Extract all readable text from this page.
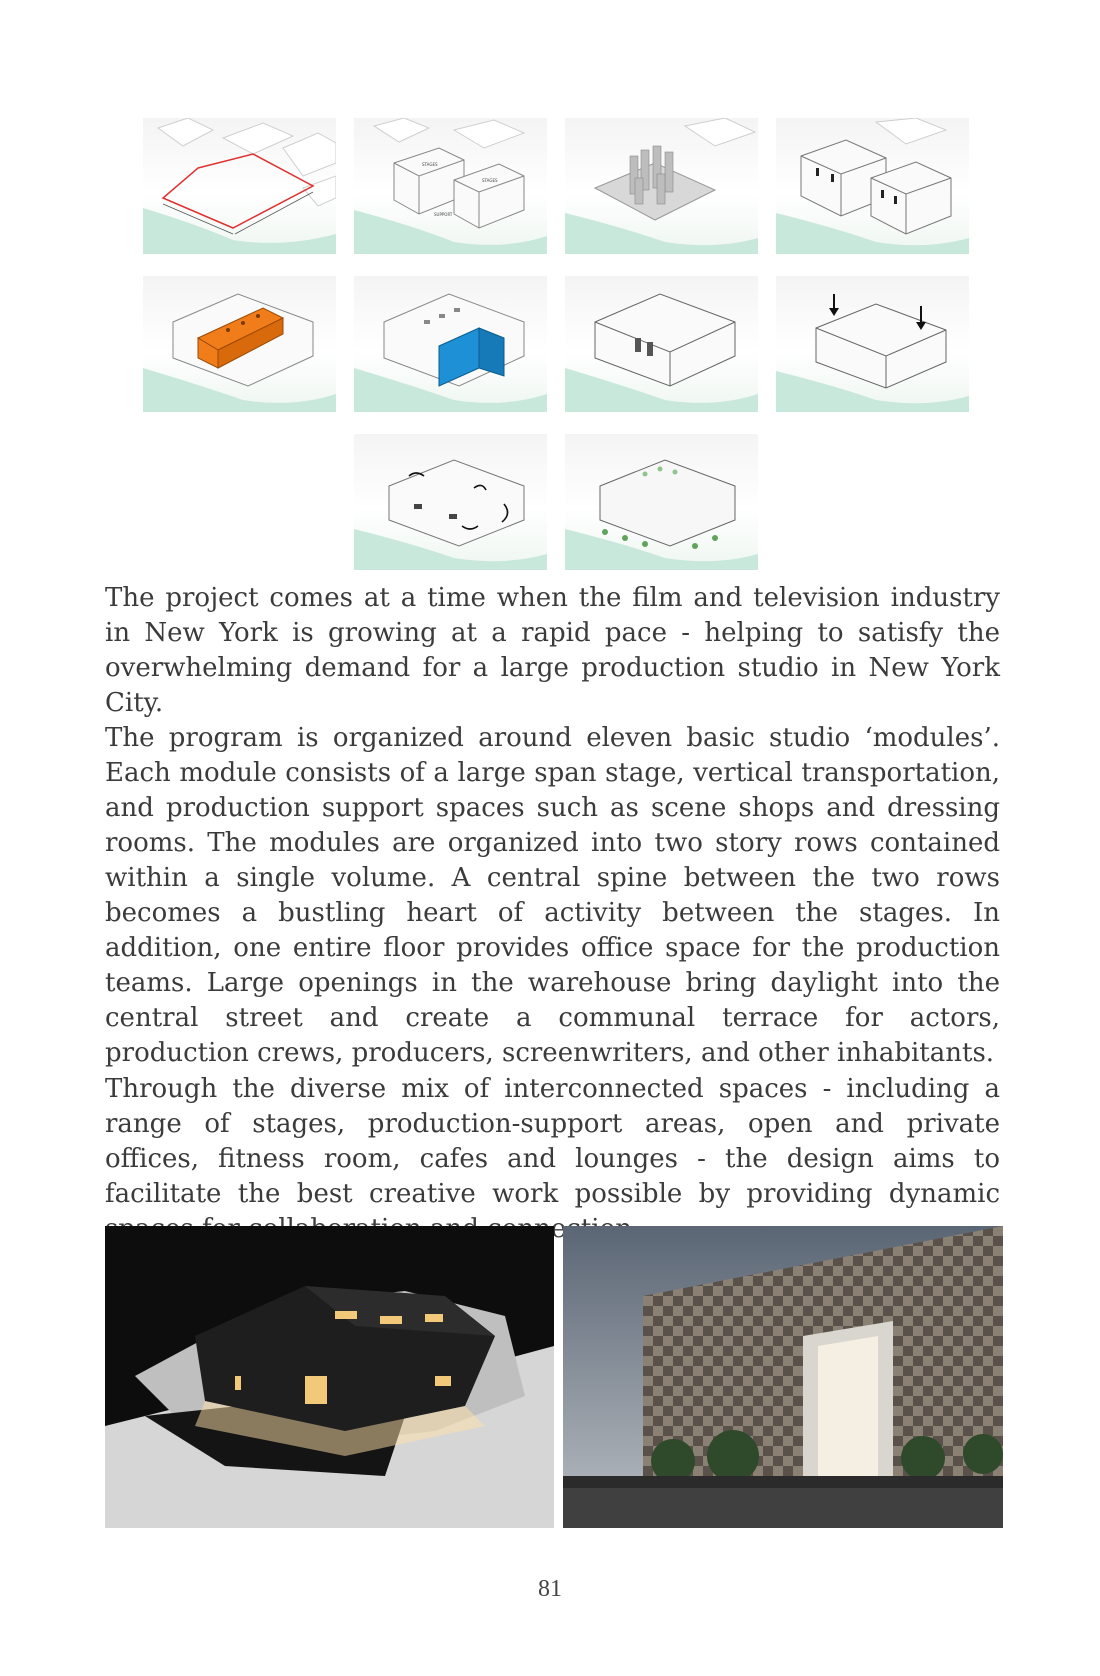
STAGES
STAGES
SUPPORT

The project comes at a time when the film and television industry in New York is growing at a rapid pace - helping to satisfy the overwhelming demand for a large production studio in New York City.

The program is organized around eleven basic studio ‘modules’. Each module consists of a large span stage, vertical transportation, and production support spaces such as scene shops and dressing rooms. The modules are organized into two story rows contained within a single volume. A central spine between the two rows becomes a bustling heart of activity between the stages. In addition, one entire floor provides office space for the production teams. Large openings in the warehouse bring daylight into the central street and create a communal terrace for actors, production crews, producers, screenwriters, and other inhabitants.

Through the diverse mix of interconnected spaces - including a range of stages, production-support areas, open and private offices, fitness room, cafes and lounges - the design aims to facilitate the best creative work possible by providing dynamic

81
